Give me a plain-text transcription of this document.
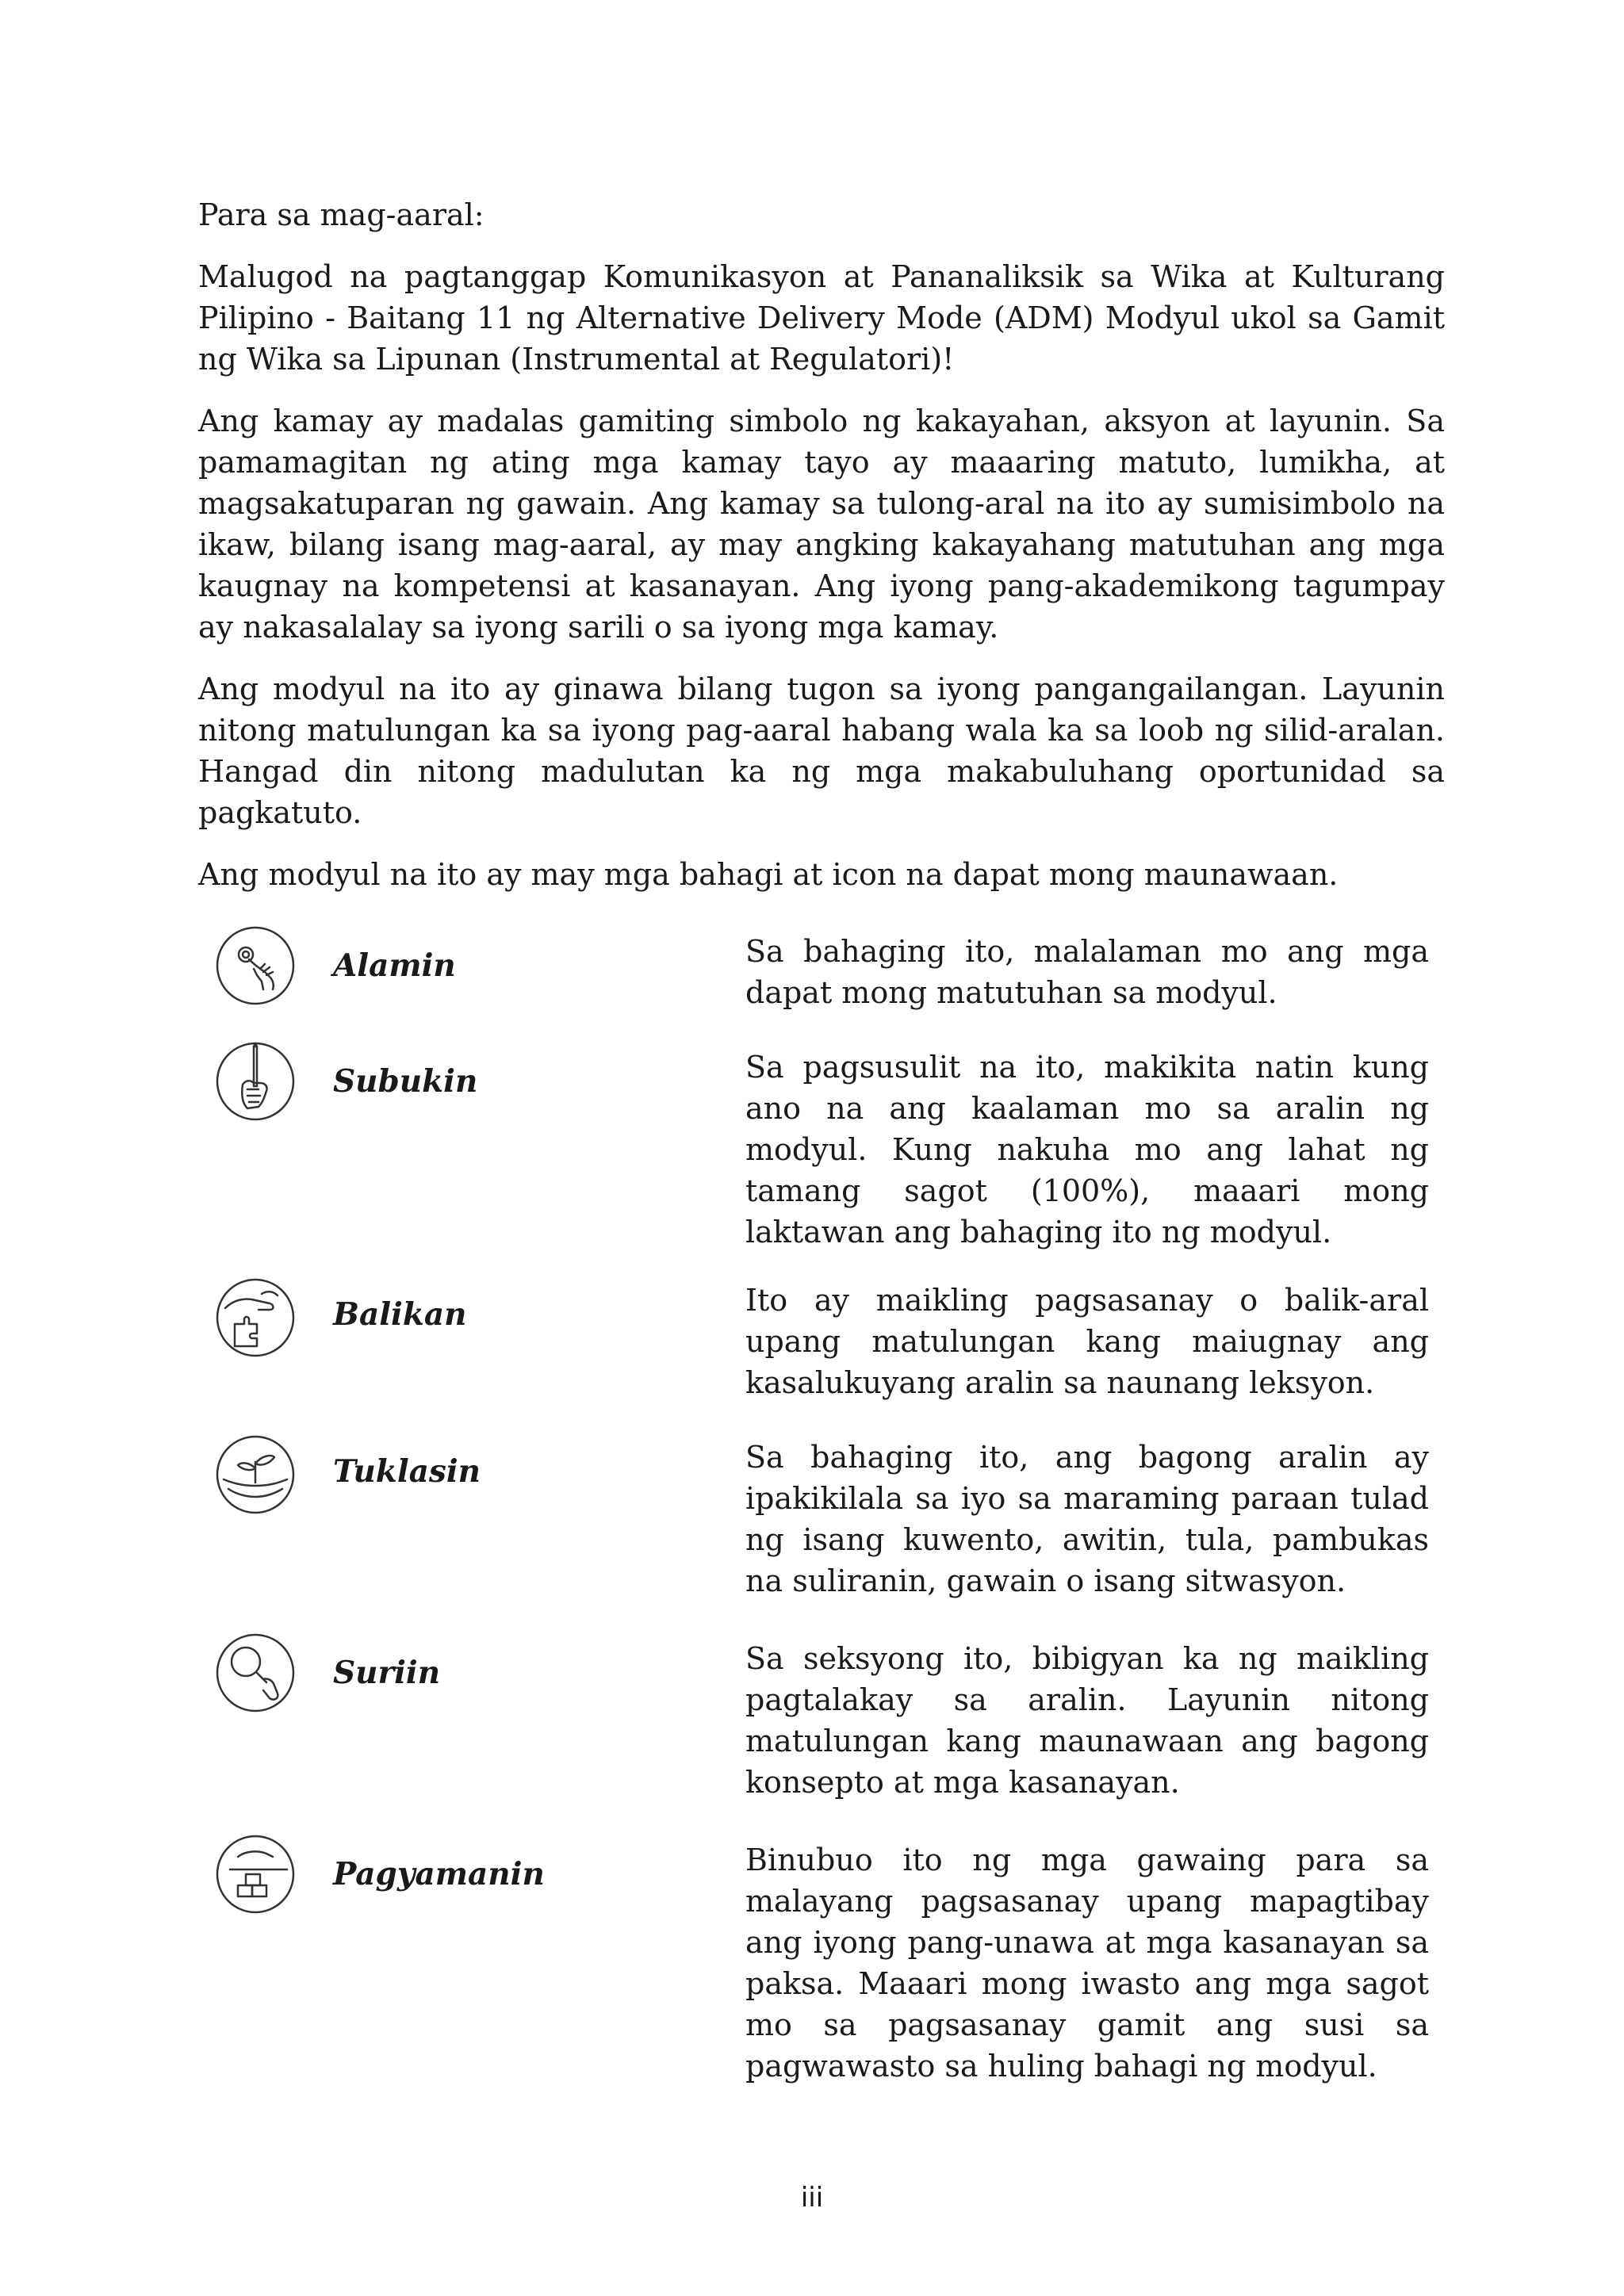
Para sa mag-aaral:

Malugod na pagtanggap Komunikasyon at Pananaliksik sa Wika at Kulturang Pilipino - Baitang 11 ng Alternative Delivery Mode (ADM) Modyul ukol sa Gamit ng Wika sa Lipunan (Instrumental at Regulatori)!

Ang kamay ay madalas gamiting simbolo ng kakayahan, aksyon at layunin. Sa pamamagitan ng ating mga kamay tayo ay maaaring matuto, lumikha, at magsakatuparan ng gawain. Ang kamay sa tulong-aral na ito ay sumisimbolo na ikaw, bilang isang mag-aaral, ay may angking kakayahang matutuhan ang mga kaugnay na kompetensi at kasanayan. Ang iyong pang-akademikong tagumpay ay nakasalalay sa iyong sarili o sa iyong mga kamay.

Ang modyul na ito ay ginawa bilang tugon sa iyong pangangailangan. Layunin nitong matulungan ka sa iyong pag-aaral habang wala ka sa loob ng silid-aralan. Hangad din nitong madulutan ka ng mga makabuluhang oportunidad sa pagkatuto.

Ang modyul na ito ay may mga bahagi at icon na dapat mong maunawaan.

Alamin	Sa bahaging ito, malalaman mo ang mga dapat mong matutuhan sa modyul.

Subukin	Sa pagsusulit na ito, makikita natin kung ano na ang kaalaman mo sa aralin ng modyul. Kung nakuha mo ang lahat ng tamang sagot (100%), maaari mong laktawan ang bahaging ito ng modyul.

Balikan	Ito ay maikling pagsasanay o balik-aral upang matulungan kang maiugnay ang kasalukuyang aralin sa naunang leksyon.

Tuklasin	Sa bahaging ito, ang bagong aralin ay ipakikilala sa iyo sa maraming paraan tulad ng isang kuwento, awitin, tula, pambukas na suliranin, gawain o isang sitwasyon.

Suriin	Sa seksyong ito, bibigyan ka ng maikling pagtalakay sa aralin. Layunin nitong matulungan kang maunawaan ang bagong konsepto at mga kasanayan.

Pagyamanin	Binubuo ito ng mga gawaing para sa malayang pagsasanay upang mapagtibay ang iyong pang-unawa at mga kasanayan sa paksa. Maaari mong iwasto ang mga sagot mo sa pagsasanay gamit ang susi sa pagwawasto sa huling bahagi ng modyul.

iii
